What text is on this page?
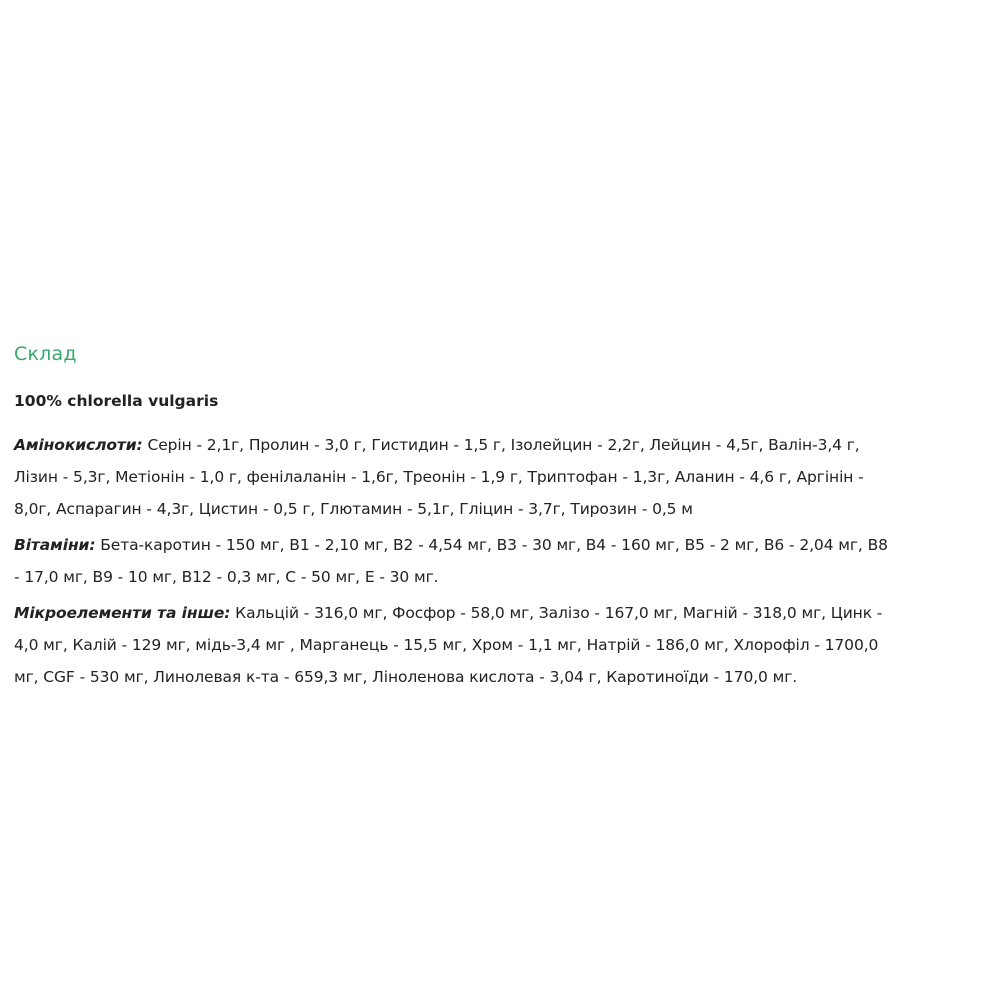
Склад

100% chlorella vulgaris

Амінокислоти: Серін - 2,1г, Пролин - 3,0 г, Гистидин - 1,5 г, Ізолейцин - 2,2г, Лейцин - 4,5г, Валін-3,4 г,
Лізин - 5,3г, Метіонін - 1,0 г, фенілаланін - 1,6г, Треонін - 1,9 г, Триптофан - 1,3г, Аланин - 4,6 г, Аргінін -
8,0г, Аспарагин - 4,3г, Цистин - 0,5 г, Глютамин - 5,1г, Гліцин - 3,7г, Тирозин - 0,5 м

Вітаміни: Бета-каротин - 150 мг, В1 - 2,10 мг, В2 - 4,54 мг, В3 - 30 мг, В4 - 160 мг, В5 - 2 мг, В6 - 2,04 мг, В8
- 17,0 мг, В9 - 10 мг, В12 - 0,3 мг, С - 50 мг, Е - 30 мг.

Мікроелементи та інше: Кальцій - 316,0 мг, Фосфор - 58,0 мг, Залізо - 167,0 мг, Магній - 318,0 мг, Цинк -
4,0 мг, Калій - 129 мг, мідь-3,4 мг , Марганець - 15,5 мг, Хром - 1,1 мг, Натрій - 186,0 мг, Хлорофіл - 1700,0
мг, CGF - 530 мг, Линолевая к-та - 659,3 мг, Ліноленова кислота - 3,04 г, Каротиноїди - 170,0 мг.
